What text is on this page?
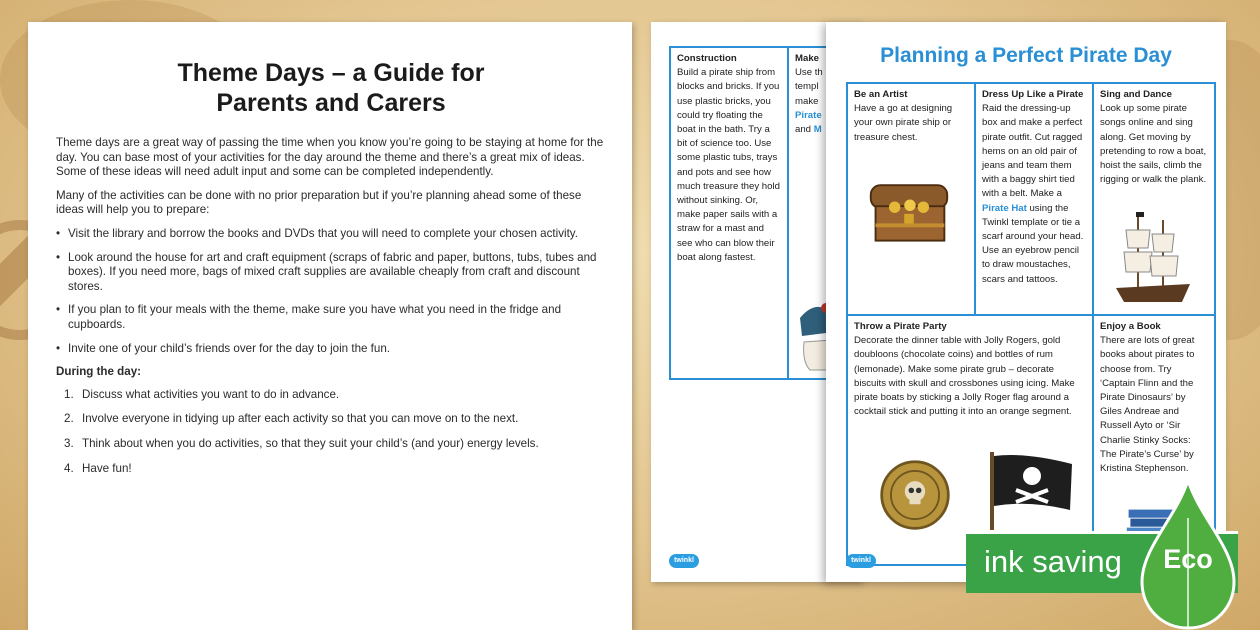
Theme Days – a Guide for
Parents and Carers

Theme days are a great way of passing the time when you know you’re going to be staying at home for the day. You can base most of your activities for the day around the theme and there’s a great mix of ideas. Some of these ideas will need adult input and some can be completed independently.

Many of the activities can be done with no prior preparation but if you’re planning ahead some of these ideas will help you to prepare:

• Visit the library and borrow the books and DVDs that you will need to complete your chosen activity.
• Look around the house for art and craft equipment (scraps of fabric and paper, buttons, tubs, tubes and boxes). If you need more, bags of mixed craft supplies are available cheaply from craft and discount stores.
• If you plan to fit your meals with the theme, make sure you have what you need in the fridge and cupboards.
• Invite one of your child’s friends over for the day to join the fun.

During the day:

1. Discuss what activities you want to do in advance.
2. Involve everyone in tidying up after each activity so that you can move on to the next.
3. Think about when you do activities, so that they suit your child’s (and your) energy levels.
4. Have fun!
Construction
Build a pirate ship from blocks and bricks. If you use plastic bricks, you could try floating the boat in the bath. Try a bit of science too. Use some plastic tubs, trays and pots and see how much treasure they hold without sinking. Or, make paper sails with a straw for a mast and see who can blow their boat along fastest.
Make
Use th
templ
make
Pirate
and M
twinkl
Planning a Perfect Pirate Day
Be an Artist
Have a go at designing your own pirate ship or treasure chest.
Dress Up Like a Pirate
Raid the dressing-up box and make a perfect pirate outfit. Cut ragged hems on an old pair of jeans and team them with a baggy shirt tied with a belt. Make a Pirate Hat using the Twinkl template or tie a scarf around your head. Use an eyebrow pencil to draw moustaches, scars and tattoos.
Sing and Dance
Look up some pirate songs online and sing along. Get moving by pretending to row a boat, hoist the sails, climb the rigging or walk the plank.
Throw a Pirate Party
Decorate the dinner table with Jolly Rogers, gold doubloons (chocolate coins) and bottles of rum (lemonade). Make some pirate grub – decorate biscuits with skull and crossbones using icing. Make pirate boats by sticking a Jolly Roger flag around a cocktail stick and putting it into an orange segment.
Enjoy a Book
There are lots of great books about pirates to choose from. Try ‘Captain Flinn and the Pirate Dinosaurs’ by Giles Andreae and Russell Ayto or ‘Sir Charlie Stinky Socks: The Pirate’s Curse’ by Kristina Stephenson.
twinkl	ink saving	Eco
